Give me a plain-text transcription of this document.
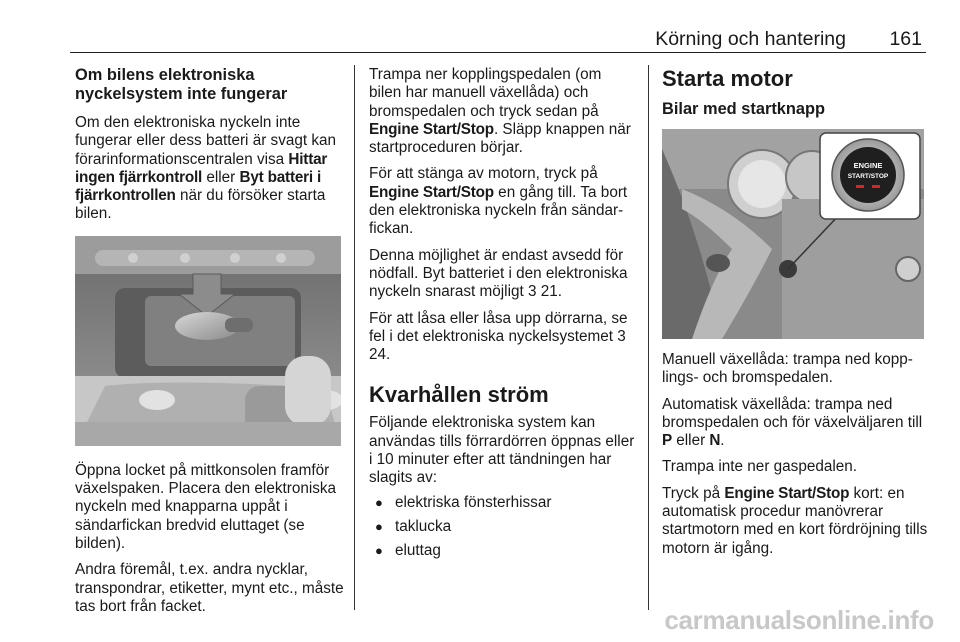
Körning och hantering 161
Om bilens elektroniska nyckelsystem inte fungerar

Om den elektroniska nyckeln inte fungerar eller dess batteri är svagt kan förarinformationscentralen visa Hittar ingen fjärrkontroll eller Byt batteri i fjärrkontrollen när du försöker starta bilen.

Öppna locket på mittkonsolen framför växelspaken. Placera den elektroniska nyckeln med knapparna uppåt i sändarfickan bredvid eluttaget (se bilden).

Andra föremål, t.ex. andra nycklar, transpondrar, etiketter, mynt etc., måste tas bort från facket.

Trampa ner kopplingspedalen (om bilen har manuell växellåda) och bromspedalen och tryck sedan på Engine Start/Stop. Släpp knappen när startproceduren börjar.

För att stänga av motorn, tryck på Engine Start/Stop en gång till. Ta bort den elektroniska nyckeln från sändarfickan.

Denna möjlighet är endast avsedd för nödfall. Byt batteriet i den elektroniska nyckeln snarast möjligt 3 21.

För att låsa eller låsa upp dörrarna, se fel i det elektroniska nyckelsystemet 3 24.

Kvarhållen ström

Följande elektroniska system kan användas tills förrardörren öppnas eller i 10 minuter efter att tändningen har slagits av:

● elektriska fönsterhissar
● taklucka
● eluttag
Starta motor
Bilar med startknapp
ENGINE
START/STOP

Manuell växellåda: trampa ned kopplings- och bromspedalen.

Automatisk växellåda: trampa ned bromspedalen och för växelväljaren till P eller N.

Trampa inte ner gaspedalen.

Tryck på Engine Start/Stop kort: en automatisk procedur manövrerar startmotorn med en kort fördröjning tills motorn är igång.

carmanualsonline.info
